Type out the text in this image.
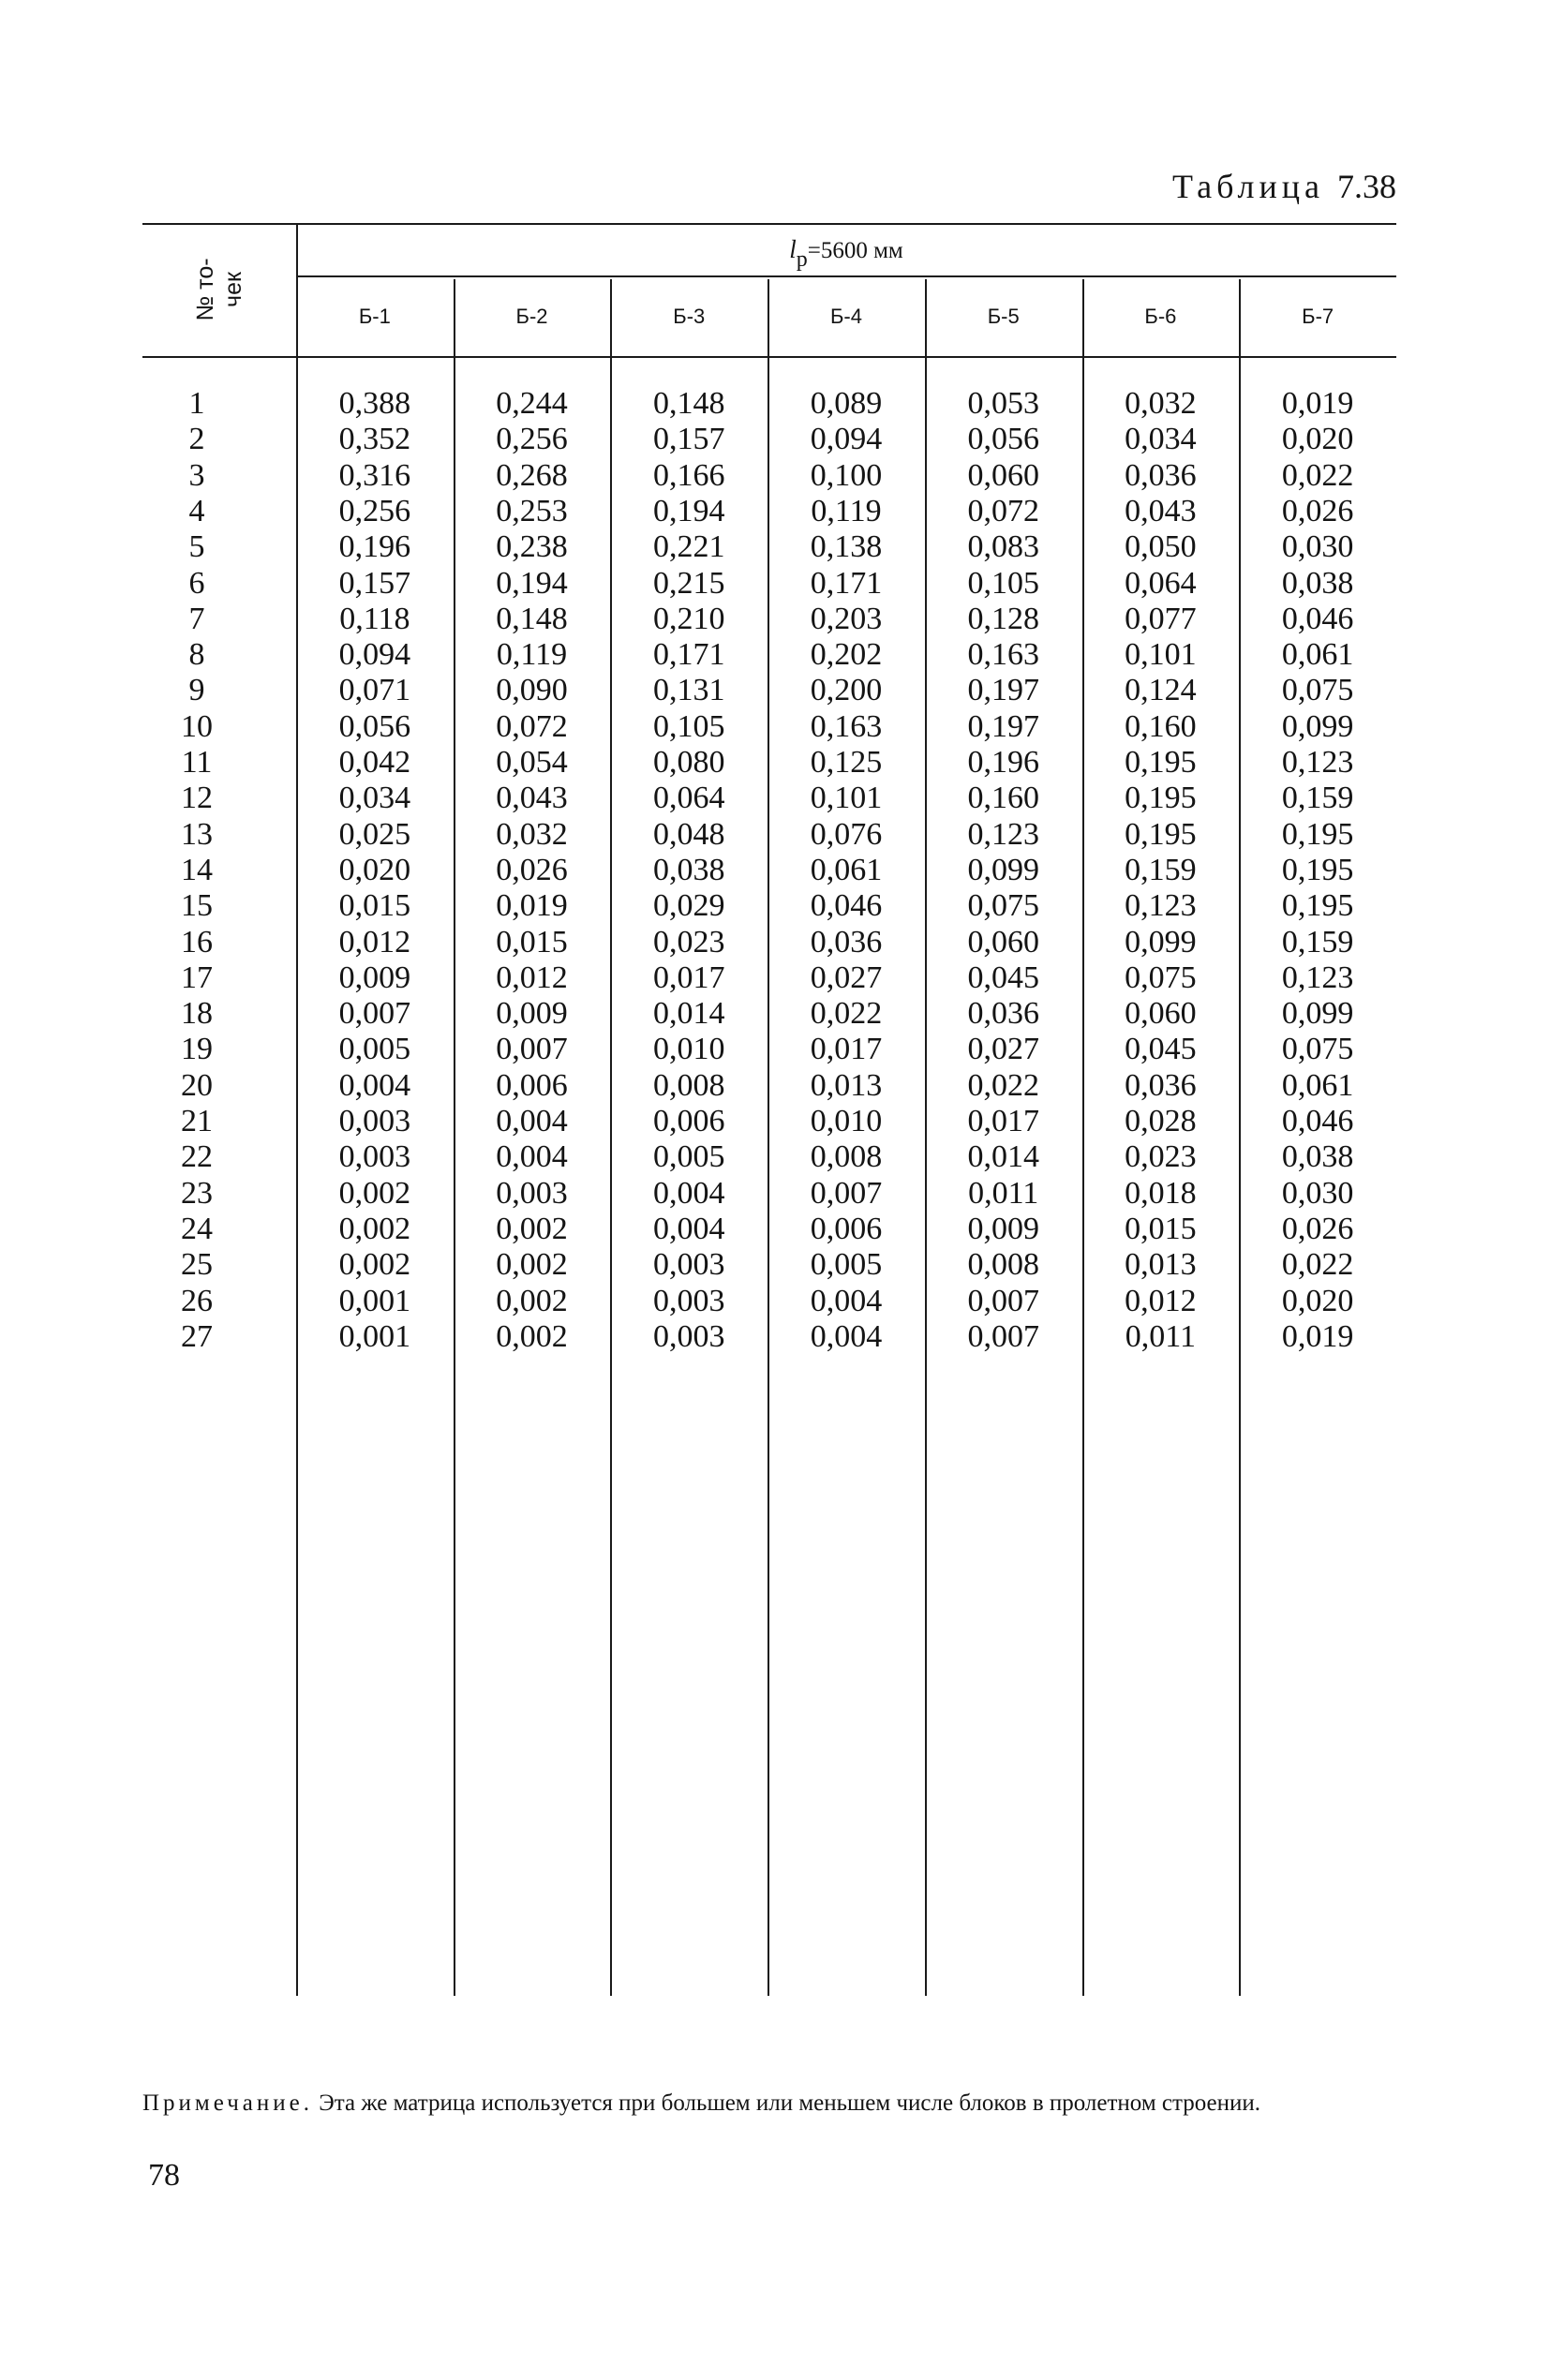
Таблица 7.38
№ то- чек
lр=5600 мм
Б-1	Б-2	Б-3	Б-4	Б-5	Б-6	Б-7
1	0,388	0,244	0,148	0,089	0,053	0,032	0,019
2	0,352	0,256	0,157	0,094	0,056	0,034	0,020
3	0,316	0,268	0,166	0,100	0,060	0,036	0,022
4	0,256	0,253	0,194	0,119	0,072	0,043	0,026
5	0,196	0,238	0,221	0,138	0,083	0,050	0,030
6	0,157	0,194	0,215	0,171	0,105	0,064	0,038
7	0,118	0,148	0,210	0,203	0,128	0,077	0,046
8	0,094	0,119	0,171	0,202	0,163	0,101	0,061
9	0,071	0,090	0,131	0,200	0,197	0,124	0,075
10	0,056	0,072	0,105	0,163	0,197	0,160	0,099
11	0,042	0,054	0,080	0,125	0,196	0,195	0,123
12	0,034	0,043	0,064	0,101	0,160	0,195	0,159
13	0,025	0,032	0,048	0,076	0,123	0,195	0,195
14	0,020	0,026	0,038	0,061	0,099	0,159	0,195
15	0,015	0,019	0,029	0,046	0,075	0,123	0,195
16	0,012	0,015	0,023	0,036	0,060	0,099	0,159
17	0,009	0,012	0,017	0,027	0,045	0,075	0,123
18	0,007	0,009	0,014	0,022	0,036	0,060	0,099
19	0,005	0,007	0,010	0,017	0,027	0,045	0,075
20	0,004	0,006	0,008	0,013	0,022	0,036	0,061
21	0,003	0,004	0,006	0,010	0,017	0,028	0,046
22	0,003	0,004	0,005	0,008	0,014	0,023	0,038
23	0,002	0,003	0,004	0,007	0,011	0,018	0,030
24	0,002	0,002	0,004	0,006	0,009	0,015	0,026
25	0,002	0,002	0,003	0,005	0,008	0,013	0,022
26	0,001	0,002	0,003	0,004	0,007	0,012	0,020
27	0,001	0,002	0,003	0,004	0,007	0,011	0,019
Примечание. Эта же матрица используется при большем или меньшем числе блоков в пролетном строении.
78
